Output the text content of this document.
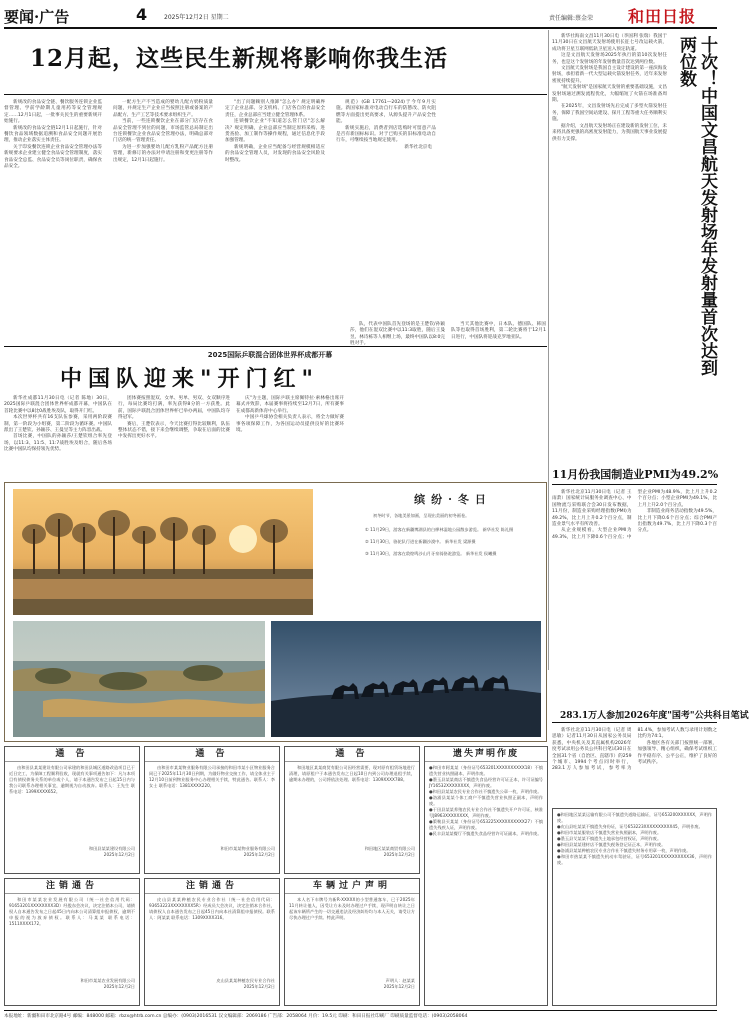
要闻·广告	4	2025年12月2日 星期二	责任编辑:蔡金荣 和田日报
12月起，这些民生新规将影响你我生活

新规改的食品安全链、餐饮服务连锁企业监督管理、学前学龄期儿童用药等安全管理规定……12月1日起，一批事关民生的重要新规开始施行。

新规改的食品安全链12月1日起施行，针对餐饮食品领域数据追溯和食品安全问题开展治理，推动企业落实主体责任。

关于印发餐饮连锁企业食品安全管理办法等新规要求企业建立健全食品安全管理制度，落实食品安全总监、食品安全员等岗位职责，确保食品安全。

一配方生产不当造成的婴幼儿配方奶粉质量问题，并规定生产企业应当按照注册或备案的产品配方、生产工艺等技术要求组织生产。

当前，一些连锁餐饮企业在部分门店存在食品安全管理不到位的问题，市场监管总局制定出台连锁餐饮企业食品安全管理办法，明确总部对门店的统一管理责任。

为进一步加强婴幼儿配方乳粉产品配方注册管理，新修订的办法对申请注册和变更注册等作出规定，12月1日起施行。

"出了问题赖别人推卸"怎么办？规定明确界定了企业总部、分支机构、门店各自的食品安全责任，企业总部应当建立健全管理体系。

连锁餐饮企业"不知道怎么管门店"怎么解决？规定明确，企业总部应当制定原料采购、进货查验、加工制作等操作规程，通过信息化手段加强管理。

新规明确，企业应当配备与经营规模相适应的食品安全管理人员，对发现的食品安全风险及时整改。

规范》(GB 17761—2024)于今年9月实施。新国家标准对电动自行车的防篡改、防火阻燃等方面提出更高要求，从源头提升产品安全性能。

新规实施后，消费者到店选购时可留意产品是否有新国标标识。对于已购买的旧标准电动自行车，可继续按当地规定使用。

新华社北京电

新华社海南文昌11月30日电（李国利 张瑞）我国于11月30日在文昌航天发射场使用长征七号改运载火箭，成功将卫星互联网低轨卫星送入预定轨道。

这是文昌航天发射场2025年执行的第10次发射任务，也是这个发射场的年发射数量首次达到两位数。

文昌航天发射场是我国自主设计建设的第一座滨海发射场，承担着新一代大型运载火箭发射任务，近年来发射密度持续提升。

"航天发射场"是国家航天发射的重要基础设施，文昌发射场通过测发流程优化，大幅缩短了火箭在场准备周期。

在2025年，文昌发射场先后完成了多型火箭发射任务，保障了我国空间站建设、探月工程等重大任务顺利实施。

据介绍，文昌航天发射场正在建设新的发射工位，未来将具备更强的高密度发射能力，为我国航天事业发展提供有力支撑。	十次！中国文昌航天发射场年发射量首次达到两位数
11月份我国制造业PMI为49.2%

新华社北京11月30日电（记者 王雨萧）国家统计局服务业调查中心、中国物流与采购联合会30日发布数据，11月份，制造业采购经理指数(PMI)为49.2%，比上月上升0.2个百分点，制造业景气水平有所改善。

从企业规模看，大型企业PMI为49.3%，比上月下降0.6个百分点；中型企业PMI为48.9%，比上月上升0.2个百分点；小型企业PMI为49.1%，比上月上升2.0个百分点。

非制造业商务活动指数为49.5%，比上月下降0.6个百分点；综合PMI产出指数为49.7%，比上月下降0.3个百分点。

283.1万人参加2026年度"国考"公共科目笔试

新华社北京11月30日电（记者 周思敏）记者11月30日从国家公务员局获悉，中央机关及其直属机构2026年度考试录用公务员公共科目笔试30日在全国31个省（自治区、直辖市）的259个城市、1994个考点同时举行，283.1万人参加考试，参考率为81.4%，参加考试人数与录用计划数之比约为74:1。

各地区各有关部门按照统一部署，加强领导、精心组织，确保考试组织工作平稳有序、公平公正，维护了良好的考试秩序。

2025国际乒联混合团体世界杯成都开幕
中国队迎来"开门红"

新华社成都11月30日电（记者 陈地）30日，2025国际乒联混合团体世界杯成都开幕，中国队在首轮比赛中以8比0战胜埃及队，取得开门红。

本次世界杯共有16支队伍参赛，采用两阶段赛制，第一阶段为小组赛，第二阶段为循环赛。中国队派出了王楚钦、孙颖莎、王曼昱等主力阵容出战。

首场比赛，中国队的孙颖莎/王楚钦组合率先登场，以11:3、11:5、11:7战胜埃及组合，随后各场比赛中国队均保持领先优势。

团体赛按照混双、女单、男单、男双、女双顺序进行，每局比赛均打满，率先获得8分的一方获胜。此前，国际乒联混合团体世界杯已举办两届，中国队均夺得冠军。

赛后，王楚钦表示，今天比赛打得比较顺利，队伍整体状态不错，接下来会继续调整，争取在后面的比赛中发挥出更好水平。

庆"为主题，国际乒联主席佩特拉·索林格出席开幕式并致辞，本届赛事将持续至12月7日，所有赛事在成都高新体育中心举行。

中国乒乓球协会相关负责人表示，将全力做好赛事各项保障工作，为各国运动员提供良好的比赛环境。

队，代表中国队首先登场的是王楚钦/孙颖莎，他们在混双比赛中以11:3取胜，随后王曼昱、林诗栋等人相继上场，最终中国队以8:0完胜对手。

当天其他比赛中，日本队、德国队、韩国队等也取得首场胜利，第二轮比赛将于12月1日进行，中国队将迎战克罗地亚队。

缤纷·冬日
初冬时节，各地美景如画，呈现出美丽的初冬画卷。
① 11月29日，游客在新疆博湖县的白桦林湿地公园散步游览。 新华社发 陈礼摄
② 11月30日，骆驼队行进在新疆沙漠中。 新华社发 梁源摄
③ 11月30日，游客在敦煌鸣沙山月牙泉骑骆驼游览。 新华社发 侯曦摄
通 告
由和田县某某建设有限公司承建的和田县城区道路改造项目已于近日完工，为保障工程顺利验收，现就有关事项通告如下：凡与本项目有债权债务关系的单位或个人，请于本通告发布之日起15日内与我公司联系办理相关事宜，逾期视为自动放弃。联系人：王先生 联系电话：1399XXXX652。
和田县某某建设有限公司
2025年12月2日
通 告
由和田市某某物业服务有限公司承接的和田市某小区物业服务合同已于2025年11月30日到期，为做好物业交接工作，请全体业主于12月10日前到物业服务中心办理相关手续，特此通告。联系人：李女士 联系电话：1381XXXX220。
和田市某某物业服务有限公司
2025年12月2日
通 告
和田地区某某商贸有限公司因经营需要，现对原有租赁场地进行清理，请原租户于本通告发布之日起10日内到公司办理退租手续，逾期未办理的，公司将依法处理。联系电话：1309XXXX788。
和田地区某某商贸有限公司
2025年12月2日
注销通告
和田市某某农业发展有限公司（统一社会信用代码：91653201XXXXXXXX3D）经股东会决议，决定注销本公司，请债权人自本通告发布之日起45日内向本公司清算组申报债权，逾期不申报的视为放弃债权。联系人：马某某 联系电话：1511XXXX172。
和田市某某农业发展有限公司
2025年12月2日
注销通告
皮山县某某种植农民专业合作社（统一社会信用代码：93653223XXXXXXXX5R）经成员大会决议，决定注销本合作社，请债权人自本通告发布之日起45日内向本社清算组申报债权。联系人：阿某某 联系电话：1309XXXX316。
皮山县某某种植农民专业合作社
2025年12月2日
车辆过户声明
本人名下车牌号为新R·XXXXX的小型普通客车，已于2025年11月转让他人，因受让方未及时办理过户手续，现声明自转让之日起该车辆所产生的一切交通违法及经济纠纷均与本人无关，请受让方尽快办理过户手续。特此声明。
声明人：赵某某
2025年12月2日
遗失声明作废
●和田市阿某某（身份证号653201XXXXXXXXXX18）不慎遗失营业执照副本，声明作废。
●墨玉县某某商店不慎遗失食品经营许可证正本，许可证编号JY16532XXXXXXXX，声明作废。
●和田县某某农民专业合作社不慎遗失公章一枚，声明作废。
●洛浦县某某个体工商户不慎遗失营业执照正副本，声明作废。
●于田县某某养殖农民专业合作社不慎遗失开户许可证，核准号J8963XXXXXXXX，声明作废。
●策勒县买某某（身份证号653225XXXXXXXXXX27）不慎遗失残疾人证，声明作废。
●民丰县某某餐厅不慎遗失食品经营许可证副本，声明作废。
●和田地区某某运输有限公司不慎遗失道路运输证，证号653200XXXXXX，声明作废。
●皮山县吐某某不慎遗失身份证，证号653223XXXXXXXXXX45，声明作废。
●和田市某某服装店不慎遗失营业执照副本，声明作废。
●墨玉县艾某某不慎遗失土地承包经营权证，声明作废。
●和田县某某建材店不慎遗失税务登记证正本，声明作废。
●洛浦县某某种植农民专业合作社不慎遗失财务专用章一枚，声明作废。
●和田市热某某不慎遗失机动车驾驶证，证号653201XXXXXXXXXX36，声明作废。
本报地址：新疆和田市北京路4号 邮编：848000 邮箱：rbzx@htrb.com.cn 总编办：(0903)2016531 汉文编辑部：2069186 广告部：2058064 月价：19.5元 印刷：和田日报社印刷厂 印刷质量监督电话：(0903)2058064
